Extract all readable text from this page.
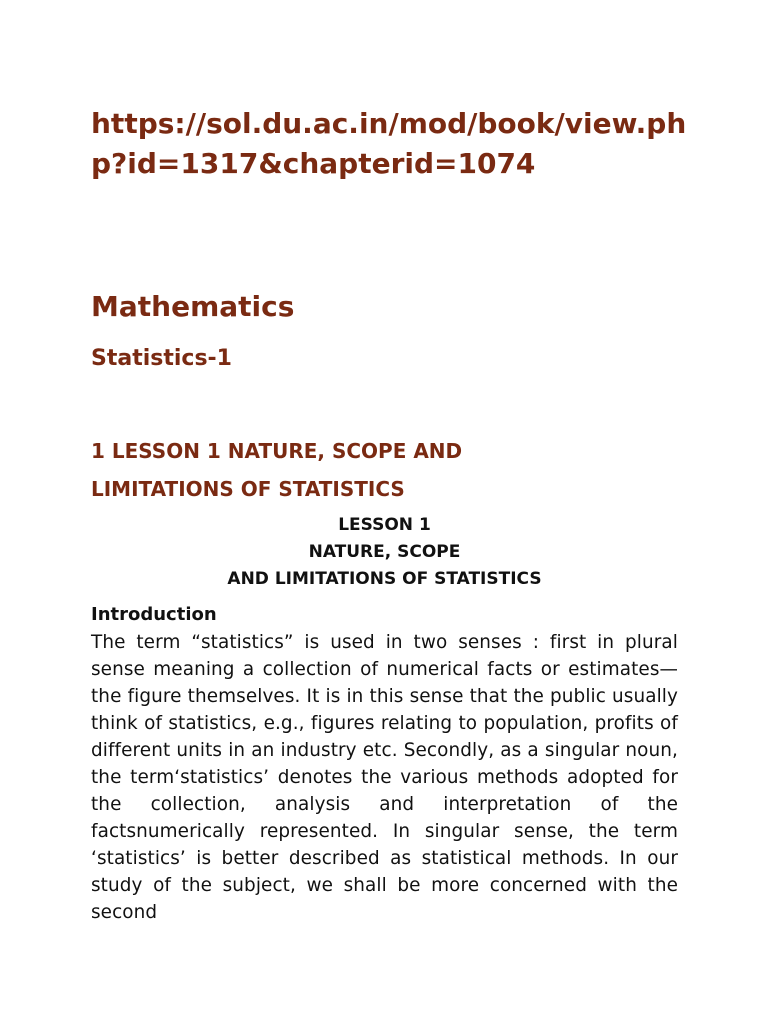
https://sol.du.ac.in/mod/book/view.php?id=1317&chapterid=1074

Mathematics
Statistics-1
1 LESSON 1 NATURE, SCOPE AND LIMITATIONS OF STATISTICS
LESSON 1
NATURE, SCOPE
AND LIMITATIONS OF STATISTICS
Introduction

The term “statistics” is used in two senses : first in plural sense meaning a collection of numerical facts or estimates—the figure themselves. It is in this sense that the public usually think of statistics, e.g., figures relating to population, profits of different units in an industry etc. Secondly, as a singular noun, the term‘statistics’ denotes the various methods adopted for the collection, analysis and interpretation of the factsnumerically represented. In singular sense, the term ‘statistics’ is better described as statistical methods. In our study of the subject, we shall be more concerned with the second
